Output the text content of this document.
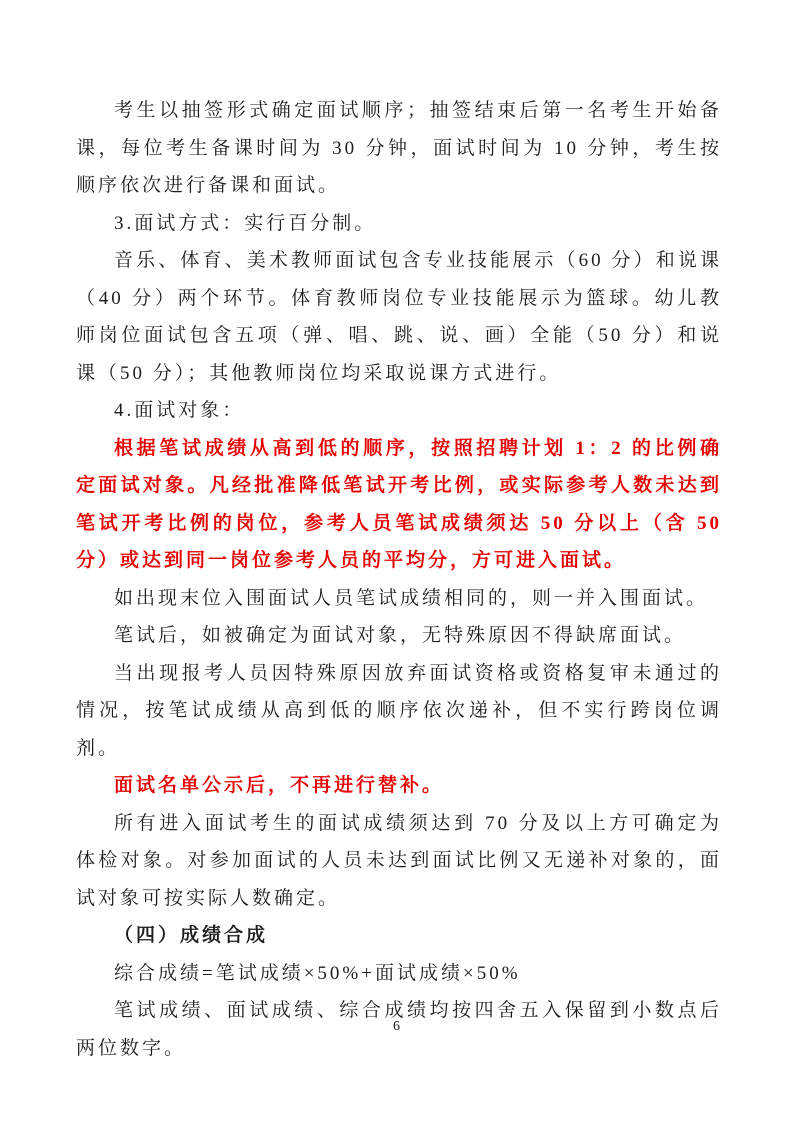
考生以抽签形式确定面试顺序；抽签结束后第一名考生开始备课，每位考生备课时间为 30 分钟，面试时间为 10 分钟，考生按顺序依次进行备课和面试。

3.面试方式：实行百分制。

音乐、体育、美术教师面试包含专业技能展示（60 分）和说课（40 分）两个环节。体育教师岗位专业技能展示为篮球。幼儿教师岗位面试包含五项（弹、唱、跳、说、画）全能（50 分）和说课（50 分）；其他教师岗位均采取说课方式进行。

4.面试对象：

根据笔试成绩从高到低的顺序，按照招聘计划 1：2 的比例确定面试对象。凡经批准降低笔试开考比例，或实际参考人数未达到笔试开考比例的岗位，参考人员笔试成绩须达 50 分以上（含 50 分）或达到同一岗位参考人员的平均分，方可进入面试。

如出现末位入围面试人员笔试成绩相同的，则一并入围面试。

笔试后，如被确定为面试对象，无特殊原因不得缺席面试。

当出现报考人员因特殊原因放弃面试资格或资格复审未通过的情况，按笔试成绩从高到低的顺序依次递补，但不实行跨岗位调剂。

面试名单公示后，不再进行替补。

所有进入面试考生的面试成绩须达到 70 分及以上方可确定为体检对象。对参加面试的人员未达到面试比例又无递补对象的，面试对象可按实际人数确定。

（四）成绩合成

综合成绩=笔试成绩×50%+面试成绩×50%

笔试成绩、面试成绩、综合成绩均按四舍五入保留到小数点后两位数字。

6
